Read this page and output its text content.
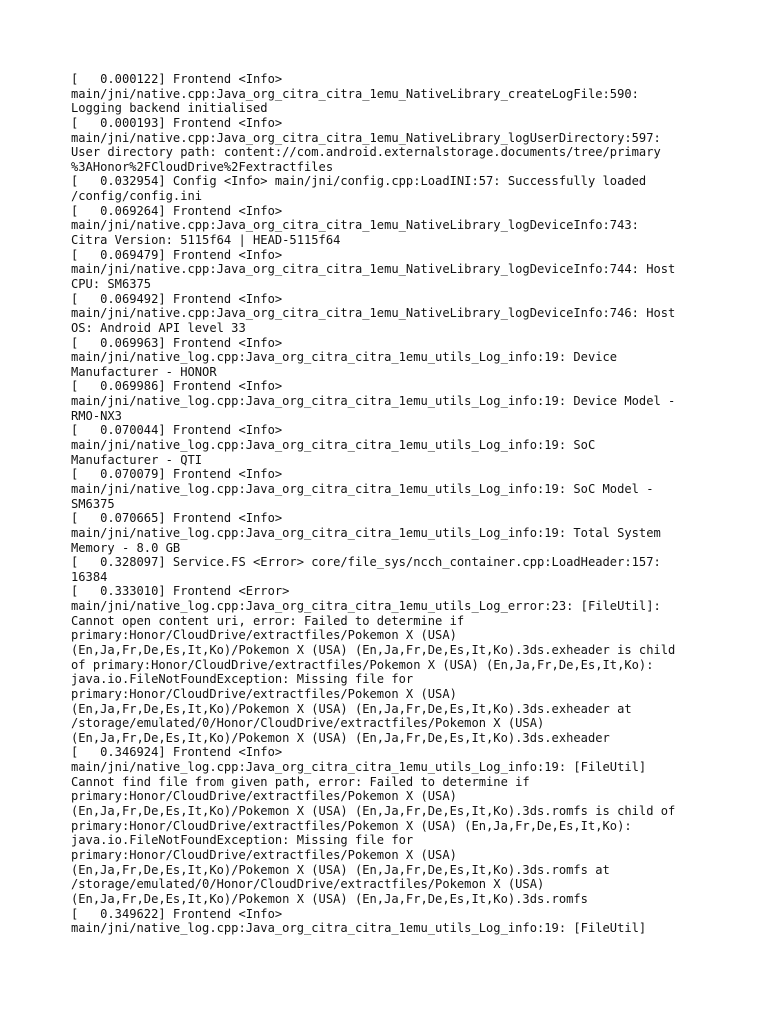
[   0.000122] Frontend <Info>
main/jni/native.cpp:Java_org_citra_citra_1emu_NativeLibrary_createLogFile:590:
Logging backend initialised
[   0.000193] Frontend <Info>
main/jni/native.cpp:Java_org_citra_citra_1emu_NativeLibrary_logUserDirectory:597:
User directory path: content://com.android.externalstorage.documents/tree/primary
%3AHonor%2FCloudDrive%2Fextractfiles
[   0.032954] Config <Info> main/jni/config.cpp:LoadINI:57: Successfully loaded
/config/config.ini
[   0.069264] Frontend <Info>
main/jni/native.cpp:Java_org_citra_citra_1emu_NativeLibrary_logDeviceInfo:743:
Citra Version: 5115f64 | HEAD-5115f64
[   0.069479] Frontend <Info>
main/jni/native.cpp:Java_org_citra_citra_1emu_NativeLibrary_logDeviceInfo:744: Host
CPU: SM6375
[   0.069492] Frontend <Info>
main/jni/native.cpp:Java_org_citra_citra_1emu_NativeLibrary_logDeviceInfo:746: Host
OS: Android API level 33
[   0.069963] Frontend <Info>
main/jni/native_log.cpp:Java_org_citra_citra_1emu_utils_Log_info:19: Device
Manufacturer - HONOR
[   0.069986] Frontend <Info>
main/jni/native_log.cpp:Java_org_citra_citra_1emu_utils_Log_info:19: Device Model -
RMO-NX3
[   0.070044] Frontend <Info>
main/jni/native_log.cpp:Java_org_citra_citra_1emu_utils_Log_info:19: SoC
Manufacturer - QTI
[   0.070079] Frontend <Info>
main/jni/native_log.cpp:Java_org_citra_citra_1emu_utils_Log_info:19: SoC Model -
SM6375
[   0.070665] Frontend <Info>
main/jni/native_log.cpp:Java_org_citra_citra_1emu_utils_Log_info:19: Total System
Memory - 8.0 GB
[   0.328097] Service.FS <Error> core/file_sys/ncch_container.cpp:LoadHeader:157:
16384
[   0.333010] Frontend <Error>
main/jni/native_log.cpp:Java_org_citra_citra_1emu_utils_Log_error:23: [FileUtil]:
Cannot open content uri, error: Failed to determine if
primary:Honor/CloudDrive/extractfiles/Pokemon X (USA)
(En,Ja,Fr,De,Es,It,Ko)/Pokemon X (USA) (En,Ja,Fr,De,Es,It,Ko).3ds.exheader is child
of primary:Honor/CloudDrive/extractfiles/Pokemon X (USA) (En,Ja,Fr,De,Es,It,Ko):
java.io.FileNotFoundException: Missing file for
primary:Honor/CloudDrive/extractfiles/Pokemon X (USA)
(En,Ja,Fr,De,Es,It,Ko)/Pokemon X (USA) (En,Ja,Fr,De,Es,It,Ko).3ds.exheader at
/storage/emulated/0/Honor/CloudDrive/extractfiles/Pokemon X (USA)
(En,Ja,Fr,De,Es,It,Ko)/Pokemon X (USA) (En,Ja,Fr,De,Es,It,Ko).3ds.exheader
[   0.346924] Frontend <Info>
main/jni/native_log.cpp:Java_org_citra_citra_1emu_utils_Log_info:19: [FileUtil]
Cannot find file from given path, error: Failed to determine if
primary:Honor/CloudDrive/extractfiles/Pokemon X (USA)
(En,Ja,Fr,De,Es,It,Ko)/Pokemon X (USA) (En,Ja,Fr,De,Es,It,Ko).3ds.romfs is child of
primary:Honor/CloudDrive/extractfiles/Pokemon X (USA) (En,Ja,Fr,De,Es,It,Ko):
java.io.FileNotFoundException: Missing file for
primary:Honor/CloudDrive/extractfiles/Pokemon X (USA)
(En,Ja,Fr,De,Es,It,Ko)/Pokemon X (USA) (En,Ja,Fr,De,Es,It,Ko).3ds.romfs at
/storage/emulated/0/Honor/CloudDrive/extractfiles/Pokemon X (USA)
(En,Ja,Fr,De,Es,It,Ko)/Pokemon X (USA) (En,Ja,Fr,De,Es,It,Ko).3ds.romfs
[   0.349622] Frontend <Info>
main/jni/native_log.cpp:Java_org_citra_citra_1emu_utils_Log_info:19: [FileUtil]
